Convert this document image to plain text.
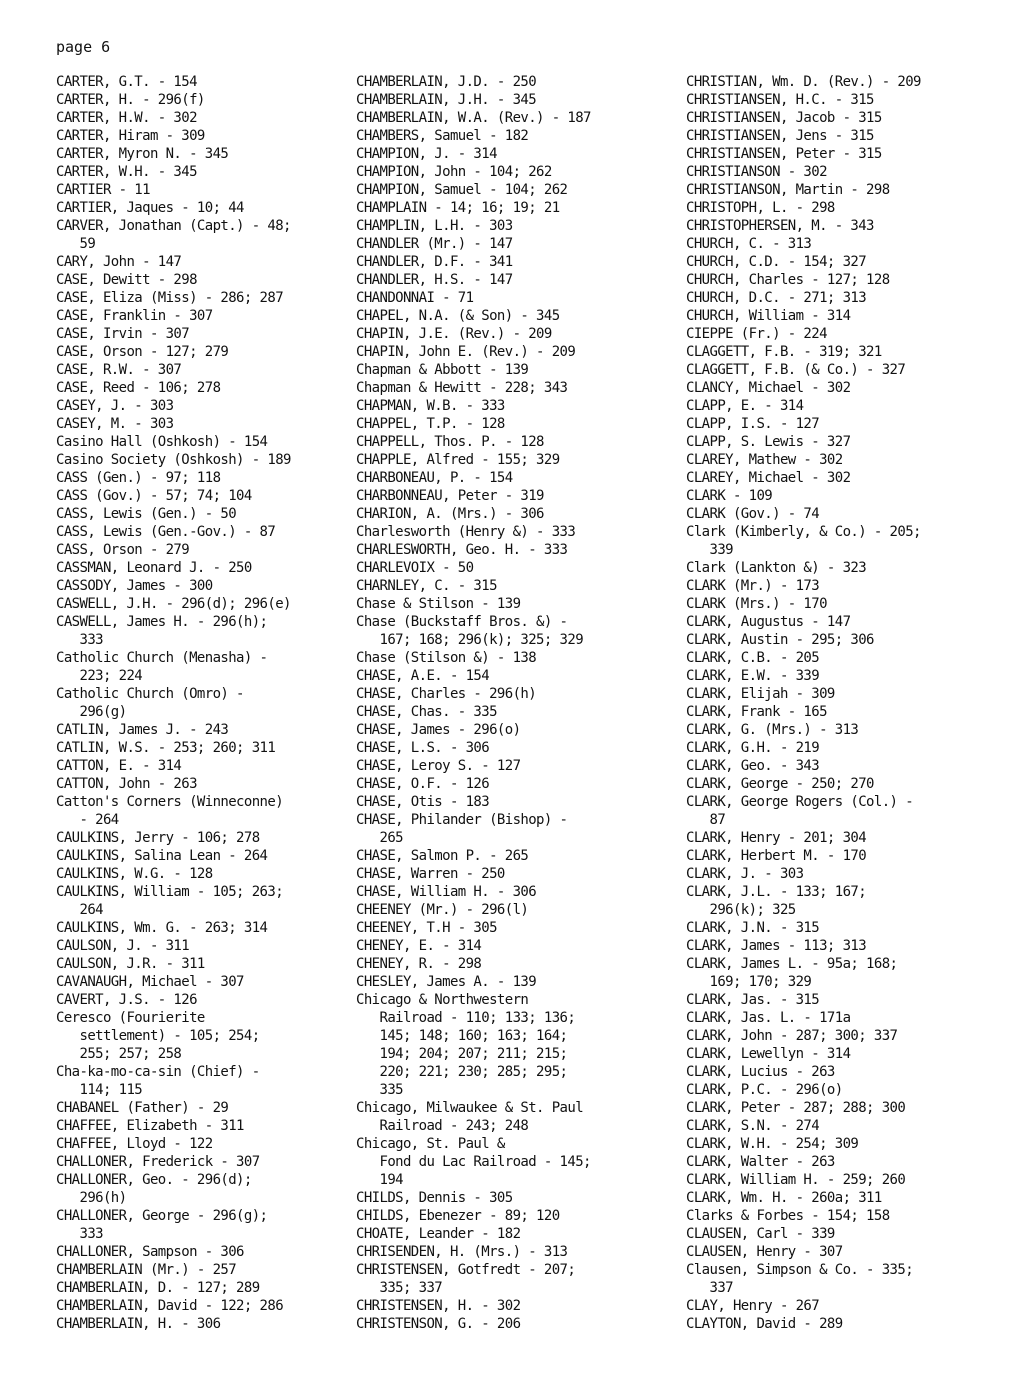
page 6
CARTER, G.T. - 154
CARTER, H. - 296(f)
CARTER, H.W. - 302
CARTER, Hiram - 309
CARTER, Myron N. - 345
CARTER, W.H. - 345
CARTIER - 11
CARTIER, Jaques - 10; 44
CARVER, Jonathan (Capt.) - 48;
59
CARY, John - 147
CASE, Dewitt - 298
CASE, Eliza (Miss) - 286; 287
CASE, Franklin - 307
CASE, Irvin - 307
CASE, Orson - 127; 279
CASE, R.W. - 307
CASE, Reed - 106; 278
CASEY, J. - 303
CASEY, M. - 303
Casino Hall (Oshkosh) - 154
Casino Society (Oshkosh) - 189
CASS (Gen.) - 97; 118
CASS (Gov.) - 57; 74; 104
CASS, Lewis (Gen.) - 50
CASS, Lewis (Gen.-Gov.) - 87
CASS, Orson - 279
CASSMAN, Leonard J. - 250
CASSODY, James - 300
CASWELL, J.H. - 296(d); 296(e)
CASWELL, James H. - 296(h);
333
Catholic Church (Menasha) -
223; 224
Catholic Church (Omro) -
296(g)
CATLIN, James J. - 243
CATLIN, W.S. - 253; 260; 311
CATTON, E. - 314
CATTON, John - 263
Catton's Corners (Winneconne)
- 264
CAULKINS, Jerry - 106; 278
CAULKINS, Salina Lean - 264
CAULKINS, W.G. - 128
CAULKINS, William - 105; 263;
264
CAULKINS, Wm. G. - 263; 314
CAULSON, J. - 311
CAULSON, J.R. - 311
CAVANAUGH, Michael - 307
CAVERT, J.S. - 126
Ceresco (Fourierite
settlement) - 105; 254;
255; 257; 258
Cha-ka-mo-ca-sin (Chief) -
114; 115
CHABANEL (Father) - 29
CHAFFEE, Elizabeth - 311
CHAFFEE, Lloyd - 122
CHALLONER, Frederick - 307
CHALLONER, Geo. - 296(d);
296(h)
CHALLONER, George - 296(g);
333
CHALLONER, Sampson - 306
CHAMBERLAIN (Mr.) - 257
CHAMBERLAIN, D. - 127; 289
CHAMBERLAIN, David - 122; 286
CHAMBERLAIN, H. - 306
CHAMBERLAIN, J.D. - 250
CHAMBERLAIN, J.H. - 345
CHAMBERLAIN, W.A. (Rev.) - 187
CHAMBERS, Samuel - 182
CHAMPION, J. - 314
CHAMPION, John - 104; 262
CHAMPION, Samuel - 104; 262
CHAMPLAIN - 14; 16; 19; 21
CHAMPLIN, L.H. - 303
CHANDLER (Mr.) - 147
CHANDLER, D.F. - 341
CHANDLER, H.S. - 147
CHANDONNAI - 71
CHAPEL, N.A. (& Son) - 345
CHAPIN, J.E. (Rev.) - 209
CHAPIN, John E. (Rev.) - 209
Chapman & Abbott - 139
Chapman & Hewitt - 228; 343
CHAPMAN, W.B. - 333
CHAPPEL, T.P. - 128
CHAPPELL, Thos. P. - 128
CHAPPLE, Alfred - 155; 329
CHARBONEAU, P. - 154
CHARBONNEAU, Peter - 319
CHARION, A. (Mrs.) - 306
Charlesworth (Henry &) - 333
CHARLESWORTH, Geo. H. - 333
CHARLEVOIX - 50
CHARNLEY, C. - 315
Chase & Stilson - 139
Chase (Buckstaff Bros. &) -
167; 168; 296(k); 325; 329
Chase (Stilson &) - 138
CHASE, A.E. - 154
CHASE, Charles - 296(h)
CHASE, Chas. - 335
CHASE, James - 296(o)
CHASE, L.S. - 306
CHASE, Leroy S. - 127
CHASE, O.F. - 126
CHASE, Otis - 183
CHASE, Philander (Bishop) -
265
CHASE, Salmon P. - 265
CHASE, Warren - 250
CHASE, William H. - 306
CHEENEY (Mr.) - 296(l)
CHEENEY, T.H - 305
CHENEY, E. - 314
CHENEY, R. - 298
CHESLEY, James A. - 139
Chicago & Northwestern
Railroad - 110; 133; 136;
145; 148; 160; 163; 164;
194; 204; 207; 211; 215;
220; 221; 230; 285; 295;
335
Chicago, Milwaukee & St. Paul
Railroad - 243; 248
Chicago, St. Paul &
Fond du Lac Railroad - 145;
194
CHILDS, Dennis - 305
CHILDS, Ebenezer - 89; 120
CHOATE, Leander - 182
CHRISENDEN, H. (Mrs.) - 313
CHRISTENSEN, Gotfredt - 207;
335; 337
CHRISTENSEN, H. - 302
CHRISTENSON, G. - 206
CHRISTIAN, Wm. D. (Rev.) - 209
CHRISTIANSEN, H.C. - 315
CHRISTIANSEN, Jacob - 315
CHRISTIANSEN, Jens - 315
CHRISTIANSEN, Peter - 315
CHRISTIANSON - 302
CHRISTIANSON, Martin - 298
CHRISTOPH, L. - 298
CHRISTOPHERSEN, M. - 343
CHURCH, C. - 313
CHURCH, C.D. - 154; 327
CHURCH, Charles - 127; 128
CHURCH, D.C. - 271; 313
CHURCH, William - 314
CIEPPE (Fr.) - 224
CLAGGETT, F.B. - 319; 321
CLAGGETT, F.B. (& Co.) - 327
CLANCY, Michael - 302
CLAPP, E. - 314
CLAPP, I.S. - 127
CLAPP, S. Lewis - 327
CLAREY, Mathew - 302
CLAREY, Michael - 302
CLARK - 109
CLARK (Gov.) - 74
Clark (Kimberly, & Co.) - 205;
339
Clark (Lankton &) - 323
CLARK (Mr.) - 173
CLARK (Mrs.) - 170
CLARK, Augustus - 147
CLARK, Austin - 295; 306
CLARK, C.B. - 205
CLARK, E.W. - 339
CLARK, Elijah - 309
CLARK, Frank - 165
CLARK, G. (Mrs.) - 313
CLARK, G.H. - 219
CLARK, Geo. - 343
CLARK, George - 250; 270
CLARK, George Rogers (Col.) -
87
CLARK, Henry - 201; 304
CLARK, Herbert M. - 170
CLARK, J. - 303
CLARK, J.L. - 133; 167;
296(k); 325
CLARK, J.N. - 315
CLARK, James - 113; 313
CLARK, James L. - 95a; 168;
169; 170; 329
CLARK, Jas. - 315
CLARK, Jas. L. - 171a
CLARK, John - 287; 300; 337
CLARK, Lewellyn - 314
CLARK, Lucius - 263
CLARK, P.C. - 296(o)
CLARK, Peter - 287; 288; 300
CLARK, S.N. - 274
CLARK, W.H. - 254; 309
CLARK, Walter - 263
CLARK, William H. - 259; 260
CLARK, Wm. H. - 260a; 311
Clarks & Forbes - 154; 158
CLAUSEN, Carl - 339
CLAUSEN, Henry - 307
Clausen, Simpson & Co. - 335;
337
CLAY, Henry - 267
CLAYTON, David - 289
